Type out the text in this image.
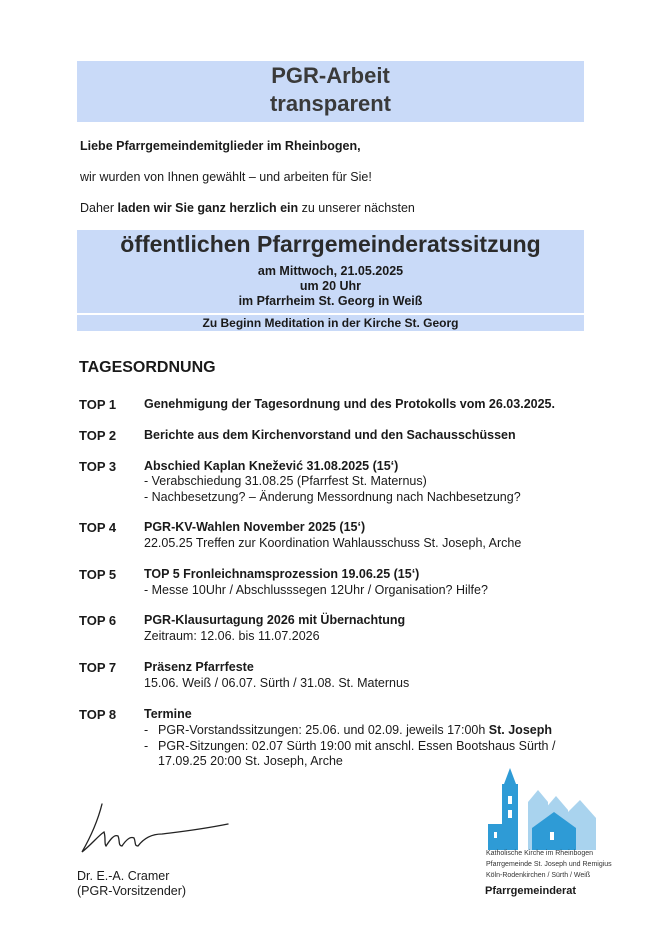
PGR-Arbeit
transparent
Liebe Pfarrgemeindemitglieder im Rheinbogen,
wir wurden von Ihnen gewählt – und arbeiten für Sie!
Daher laden wir Sie ganz herzlich ein zu unserer nächsten
öffentlichen Pfarrgemeinderatssitzung
am Mittwoch, 21.05.2025
um 20 Uhr
im Pfarrheim St. Georg in Weiß
Zu Beginn Meditation in der Kirche St. Georg
TAGESORDNUNG
TOP 1 Genehmigung der Tagesordnung und des Protokolls vom 26.03.2025.
TOP 2 Berichte aus dem Kirchenvorstand und den Sachausschüssen
TOP 3 Abschied Kaplan Knežević 31.08.2025 (15‘)
- Verabschiedung 31.08.25 (Pfarrfest St. Maternus)
- Nachbesetzung? – Änderung Messordnung nach Nachbesetzung?
TOP 4 PGR-KV-Wahlen November 2025 (15‘)
22.05.25 Treffen zur Koordination Wahlausschuss St. Joseph, Arche
TOP 5 TOP 5 Fronleichnamsprozession 19.06.25 (15‘)
- Messe 10Uhr / Abschlusssegen 12Uhr / Organisation? Hilfe?
TOP 6 PGR-Klausurtagung 2026 mit Übernachtung
Zeitraum: 12.06. bis 11.07.2026
TOP 7 Präsenz Pfarrfeste
15.06. Weiß / 06.07. Sürth / 31.08. St. Maternus
TOP 8 Termine
- PGR-Vorstandssitzungen: 25.06. und 02.09. jeweils 17:00h St. Joseph
- PGR-Sitzungen: 02.07 Sürth 19:00 mit anschl. Essen Bootshaus Sürth /
17.09.25 20:00 St. Joseph, Arche
Dr. E.-A. Cramer
(PGR-Vorsitzender)
Katholische Kirche im Rheinbogen
Pfarrgemeinde St. Joseph und Remigius
Köln-Rodenkirchen / Sürth / Weiß
Pfarrgemeinderat
